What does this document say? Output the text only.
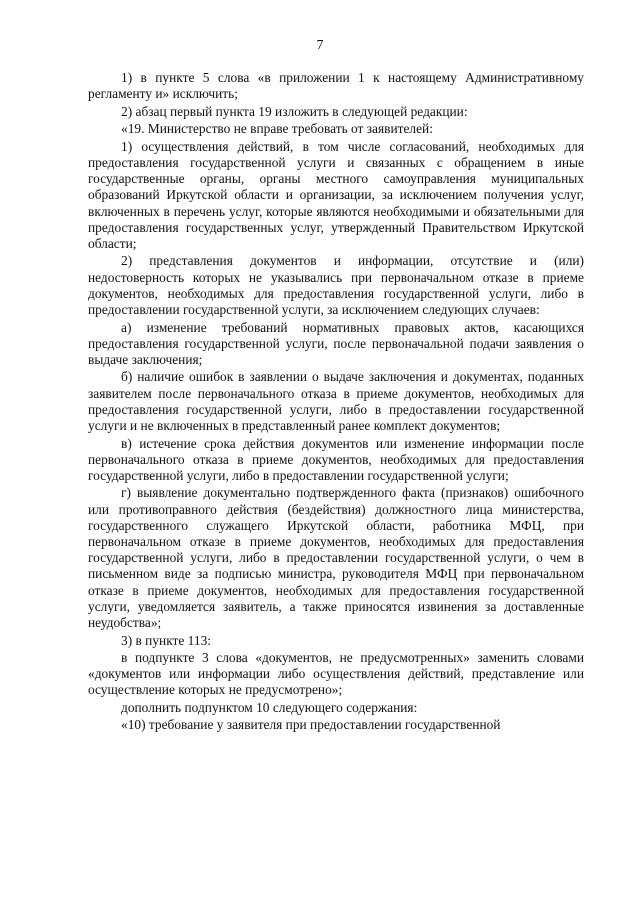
7

1) в пункте 5 слова «в приложении 1 к настоящему Административному регламенту и» исключить;

2) абзац первый пункта 19 изложить в следующей редакции:

«19. Министерство не вправе требовать от заявителей:

1) осуществления действий, в том числе согласований, необходимых для предоставления государственной услуги и связанных с обращением в иные государственные органы, органы местного самоуправления муниципальных образований Иркутской области и организации, за исключением получения услуг, включенных в перечень услуг, которые являются необходимыми и обязательными для предоставления государственных услуг, утвержденный Правительством Иркутской области;

2) представления документов и информации, отсутствие и (или) недостоверность которых не указывались при первоначальном отказе в приеме документов, необходимых для предоставления государственной услуги, либо в предоставлении государственной услуги, за исключением следующих случаев:

а) изменение требований нормативных правовых актов, касающихся предоставления государственной услуги, после первоначальной подачи заявления о выдаче заключения;

б) наличие ошибок в заявлении о выдаче заключения и документах, поданных заявителем после первоначального отказа в приеме документов, необходимых для предоставления государственной услуги, либо в предоставлении государственной услуги и не включенных в представленный ранее комплект документов;

в) истечение срока действия документов или изменение информации после первоначального отказа в приеме документов, необходимых для предоставления государственной услуги, либо в предоставлении государственной услуги;

г) выявление документально подтвержденного факта (признаков) ошибочного или противоправного действия (бездействия) должностного лица министерства, государственного служащего Иркутской области, работника МФЦ, при первоначальном отказе в приеме документов, необходимых для предоставления государственной услуги, либо в предоставлении государственной услуги, о чем в письменном виде за подписью министра, руководителя МФЦ при первоначальном отказе в приеме документов, необходимых для предоставления государственной услуги, уведомляется заявитель, а также приносятся извинения за доставленные неудобства»;

3) в пункте 113:

в подпункте 3 слова «документов, не предусмотренных» заменить словами «документов или информации либо осуществления действий, представление или осуществление которых не предусмотрено»;

дополнить подпунктом 10 следующего содержания:

«10) требование у заявителя при предоставлении государственной
